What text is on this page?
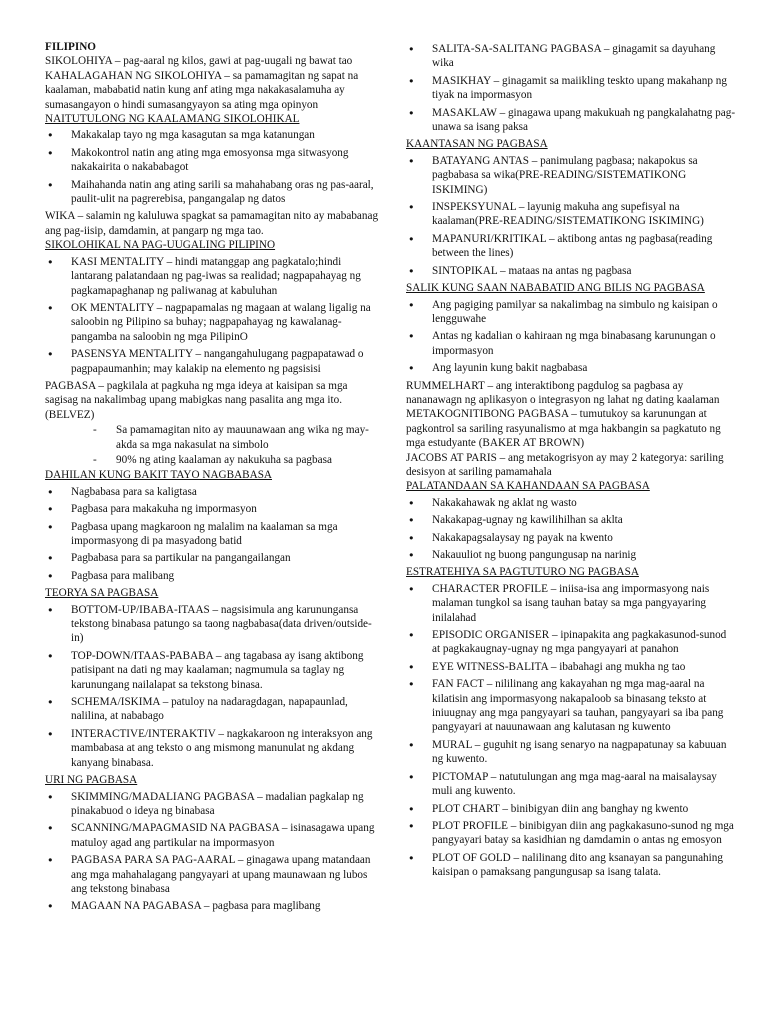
FILIPINO
SIKOLOHIYA – pag-aaral ng kilos, gawi at pag-uugali ng bawat tao
KAHALAGAHAN NG SIKOLOHIYA – sa pamamagitan ng sapat na kaalaman, mababatid natin kung anf ating mga nakakasalamuha ay sumasangayon o hindi sumasangyayon sa ating mga opinyon
NAITUTULONG NG KAALAMANG SIKOLOHIKAL
● Makakalap tayo ng mga kasagutan sa mga katanungan
● Makokontrol natin ang ating mga emosyonsa mga sitwasyong nakakairita o nakababagot
● Maihahanda natin ang ating sarili sa mahahabang oras ng pas-aaral, paulit-ulit na pagrerebisa, pangangalap ng datos
WIKA – salamin ng kaluluwa spagkat sa pamamagitan nito ay mababanag ang pag-iisip, damdamin, at pangarp ng mga tao.
SIKOLOHIKAL NA PAG-UUGALING PILIPINO
● KASI MENTALITY – hindi matanggap ang pagkatalo;hindi lantarang palatandaan ng pag-iwas sa realidad; nagpapahayag ng pagkamapaghanap ng paliwanag at kabuluhan
● OK MENTALITY – nagpapamalas ng magaan at walang ligalig na saloobin ng Pilipino sa buhay; nagpapahayag ng kawalanag-pangamba na saloobin ng mga PilipinO
● PASENSYA MENTALITY – nangangahulugang pagpapatawad o pagpapaumanhin; may kalakip na elemento ng pagsisisi
PAGBASA – pagkilala at pagkuha ng mga ideya at kaisipan sa mga sagisag na nakalimbag upang mabigkas nang pasalita ang mga ito. (BELVEZ)
- Sa pamamagitan nito ay mauunawaan ang wika ng may-akda sa mga nakasulat na simbolo
- 90% ng ating kaalaman ay nakukuha sa pagbasa
DAHILAN KUNG BAKIT TAYO NAGBABASA
● Nagbabasa para sa kaligtasa
● Pagbasa para makakuha ng impormasyon
● Pagbasa upang magkaroon ng malalim na kaalaman sa mga impormasyong di pa masyadong batid
● Pagbabasa para sa partikular na pangangailangan
● Pagbasa para malibang
TEORYA SA PAGBASA
● BOTTOM-UP/IBABA-ITAAS – nagsisimula ang karunungansa tekstong binabasa patungo sa taong nagbabasa(data driven/outside-in)
● TOP-DOWN/ITAAS-PABABA – ang tagabasa ay isang aktibong patisipant na dati ng may kaalaman; nagmumula sa taglay ng karunungang nailalapat sa tekstong binasa.
● SCHEMA/ISKIMA – patuloy na nadaragdagan, napapaunlad, nalilina, at nababago
● INTERACTIVE/INTERAKTIV – nagkakaroon ng interaksyon ang mambabasa at ang teksto o ang mismong manunulat ng akdang kanyang binabasa.
URI NG PAGBASA
● SKIMMING/MADALIANG PAGBASA – madalian pagkalap ng pinakabuod o ideya ng binabasa
● SCANNING/MAPAGMASID NA PAGBASA – isinasagawa upang matuloy agad ang partikular na impormasyon
● PAGBASA PARA SA PAG-AARAL – ginagawa upang matandaan ang mga mahahalagang pangyayari at upang maunawaan ng lubos ang tekstong binabasa
● MAGAAN NA PAGABASA – pagbasa para maglibang
● SALITA-SA-SALITANG PAGBASA – ginagamit sa dayuhang wika
● MASIKHAY – ginagamit sa maiikling teskto upang makahanp ng tiyak na impormasyon
● MASAKLAW – ginagawa upang makukuah ng pangkalahatng pag-unawa sa isang paksa
KAANTASAN NG PAGBASA
● BATAYANG ANTAS – panimulang pagbasa; nakapokus sa pagbabasa sa wika(PRE-READING/SISTEMATIKONG ISKIMING)
● INSPEKSYUNAL – layunig makuha ang supefisyal na kaalaman(PRE-READING/SISTEMATIKONG ISKIMING)
● MAPANURI/KRITIKAL – aktibong antas ng pagbasa(reading between the lines)
● SINTOPIKAL – mataas na antas ng pagbasa
SALIK KUNG SAAN NABABATID ANG BILIS NG PAGBASA
● Ang pagiging pamilyar sa nakalimbag na simbulo ng kaisipan o lengguwahe
● Antas ng kadalian o kahiraan ng mga binabasang karunungan o impormasyon
● Ang layunin kung bakit nagbabasa
RUMMELHART – ang interaktibong pagdulog sa pagbasa ay nananawagn ng aplikasyon o integrasyon ng lahat ng dating kaalaman
METAKOGNITIBONG PAGBASA – tumutukoy sa karunungan at pagkontrol sa sariling rasyunalismo at mga hakbangin sa pagkatuto ng mga estudyante (BAKER AT BROWN)
JACOBS AT PARIS – ang metakogrisyon ay may 2 kategorya: sariling desisyon at sariling pamamahala
PALATANDAAN SA KAHANDAAN SA PAGBASA
● Nakakahawak ng aklat ng wasto
● Nakakapag-ugnay ng kawilihilhan sa aklta
● Nakakapagsalaysay ng payak na kwento
● Nakauuliot ng buong pangungusap na narinig
ESTRATEHIYA SA PAGTUTURO NG PAGBASA
● CHARACTER PROFILE – iniisa-isa ang impormasyong nais malaman tungkol sa isang tauhan batay sa mga pangyayaring inilalahad
● EPISODIC ORGANISER – ipinapakita ang pagkakasunod-sunod at pagkakaugnay-ugnay ng mga pangyayari at panahon
● EYE WITNESS-BALITA – ibabahagi ang mukha ng tao
● FAN FACT – nililinang ang kakayahan ng mga mag-aaral na kilatisin ang impormasyong nakapaloob sa binasang teksto at iniuugnay ang mga pangyayari sa tauhan, pangyayari sa iba pang pangyayari at nauunawaan ang kalutasan ng kuwento
● MURAL – guguhit ng isang senaryo na nagpapatunay sa kabuuan ng kuwento.
● PICTOMAP – natutulungan ang mga mag-aaral na maisalaysay muli ang kuwento.
● PLOT CHART – binibigyan diin ang banghay ng kwento
● PLOT PROFILE – binibigyan diin ang pagkakasuno-sunod ng mga pangyayari batay sa kasidhian ng damdamin o antas ng emosyon
● PLOT OF GOLD – nalilinang dito ang ksanayan sa pangunahing kaisipan o pamaksang pangungusap sa isang talata.
